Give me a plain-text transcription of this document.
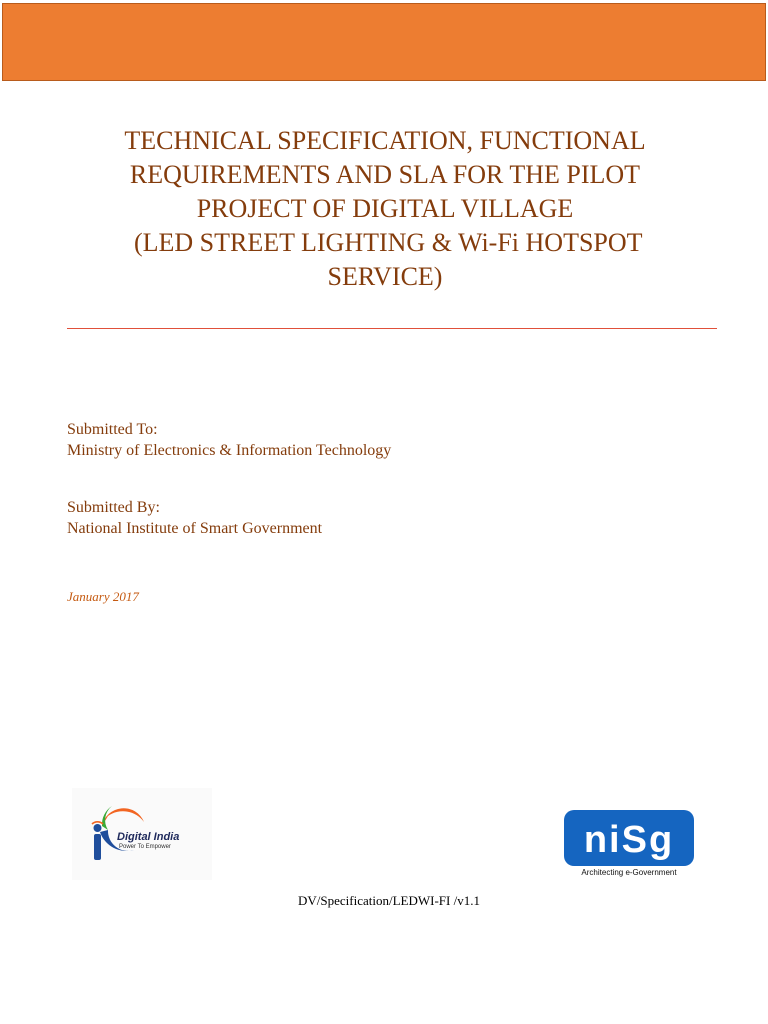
TECHNICAL SPECIFICATION, FUNCTIONAL
REQUIREMENTS AND SLA FOR THE PILOT
PROJECT OF DIGITAL VILLAGE
(LED STREET LIGHTING & Wi-Fi HOTSPOT
SERVICE)
Submitted To:
Ministry of Electronics & Information Technology
Submitted By:
National Institute of Smart Government
January 2017
Digital India
Power To Empower	niSg
Architecting e-Government
DV/Specification/LEDWI-FI /v1.1
